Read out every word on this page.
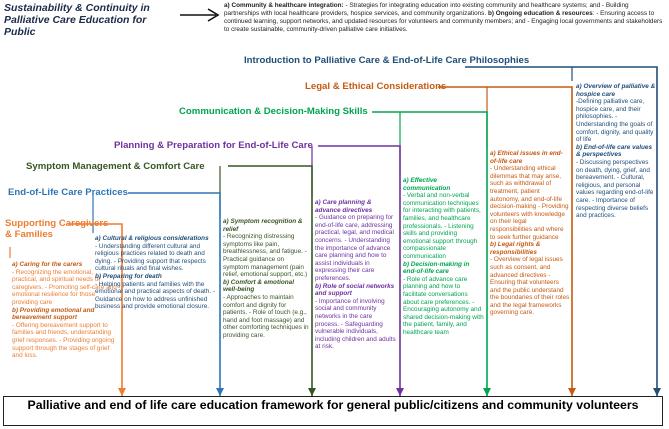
Sustainability & Continuity in Palliative Care Education for Public
a) Community & healthcare integration: - Strategies for integrating education into existing community and healthcare systems; and - Building partnerships with local healthcare providers, hospice services, and community organizations. b) Ongoing education & resources: - Ensuring access to continued learning, support networks, and updated resources for volunteers and community members; and - Engaging local governments and stakeholders to create sustainable, community-driven palliative care initiatives.
Introduction to Palliative Care & End-of-Life Care Philosophies
Legal & Ethical Considerations
Communication & Decision-Making Skills
Planning & Preparation for End-of-Life Care
Symptom Management & Comfort Care
End-of-Life Care Practices
Supporting Caregivers & Families
a) Caring for the carers
- Recognizing the emotional, practical, and spiritual needs of caregivers. - Promoting self-care and emotional resilience for those providing care
b) Providing emotional and bereavement support
- Offering bereavement support to families and friends, understanding grief responses. - Providing ongoing support through the stages of grief and loss.
a) Cultural & religious considerations
- Understanding different cultural and religious practices related to death and dying. - Providing support that respects cultural rituals and final wishes.
b) Preparing for death
- Helping patients and families with the emotional and practical aspects of death. - Guidance on how to address unfinished business and provide emotional closure.
a) Symptom recognition & relief
- Recognizing distressing symptoms like pain, breathlessness, and fatigue. - Practical guidance on symptom management (pain relief, emotional support, etc.)
b) Comfort & emotional well-being
- Approaches to maintain comfort and dignity for patients. - Role of touch (e.g., hand and foot massage) and other comforting techniques in providing care.
a) Care planning & advance directives
- Guidance on preparing for end-of-life care, addressing practical, legal, and medical concerns. - Understanding the importance of advance care planning and how to assist individuals in expressing their care preferences.
b) Role of social networks and support
- Importance of involving social and community networks in the care process. - Safeguarding vulnerable individuals, including children and adults at risk.
a) Effective communication
- Verbal and non-verbal communication techniques for interacting with patients, families, and healthcare professionals. - Listening skills and providing emotional support through compassionate communication
b) Decision-making in end-of-life care
- Role of advance care planning and how to facilitate conversations about care preferences. - Encouraging autonomy and shared decision-making with the patient, family, and healthcare team
a) Ethical issues in end-of-life care
- Understanding ethical dilemmas that may arise, such as withdrawal of treatment, patient autonomy, and end-of-life decision-making - Providing volunteers with knowledge on their legal responsibilities and where to seek further guidance
b) Legal rights & responsibilities
- Overview of legal issues such as consent, and advanced directives - Ensuring that volunteers and the public understand the boundaries of their roles and the legal frameworks governing care.
a) Overview of palliative & hospice care
-Defining palliative care, hospice care, and their philosophies. - Understanding the goals of comfort, dignity, and quality of life
b) End-of-life care values & perspectives
- Discussing perspectives on death, dying, grief, and bereavement. - Cultural, religious, and personal values regarding end-of-life care. - Importance of respecting diverse beliefs and practices.
Palliative and end of life care education framework for general public/citizens and community volunteers
